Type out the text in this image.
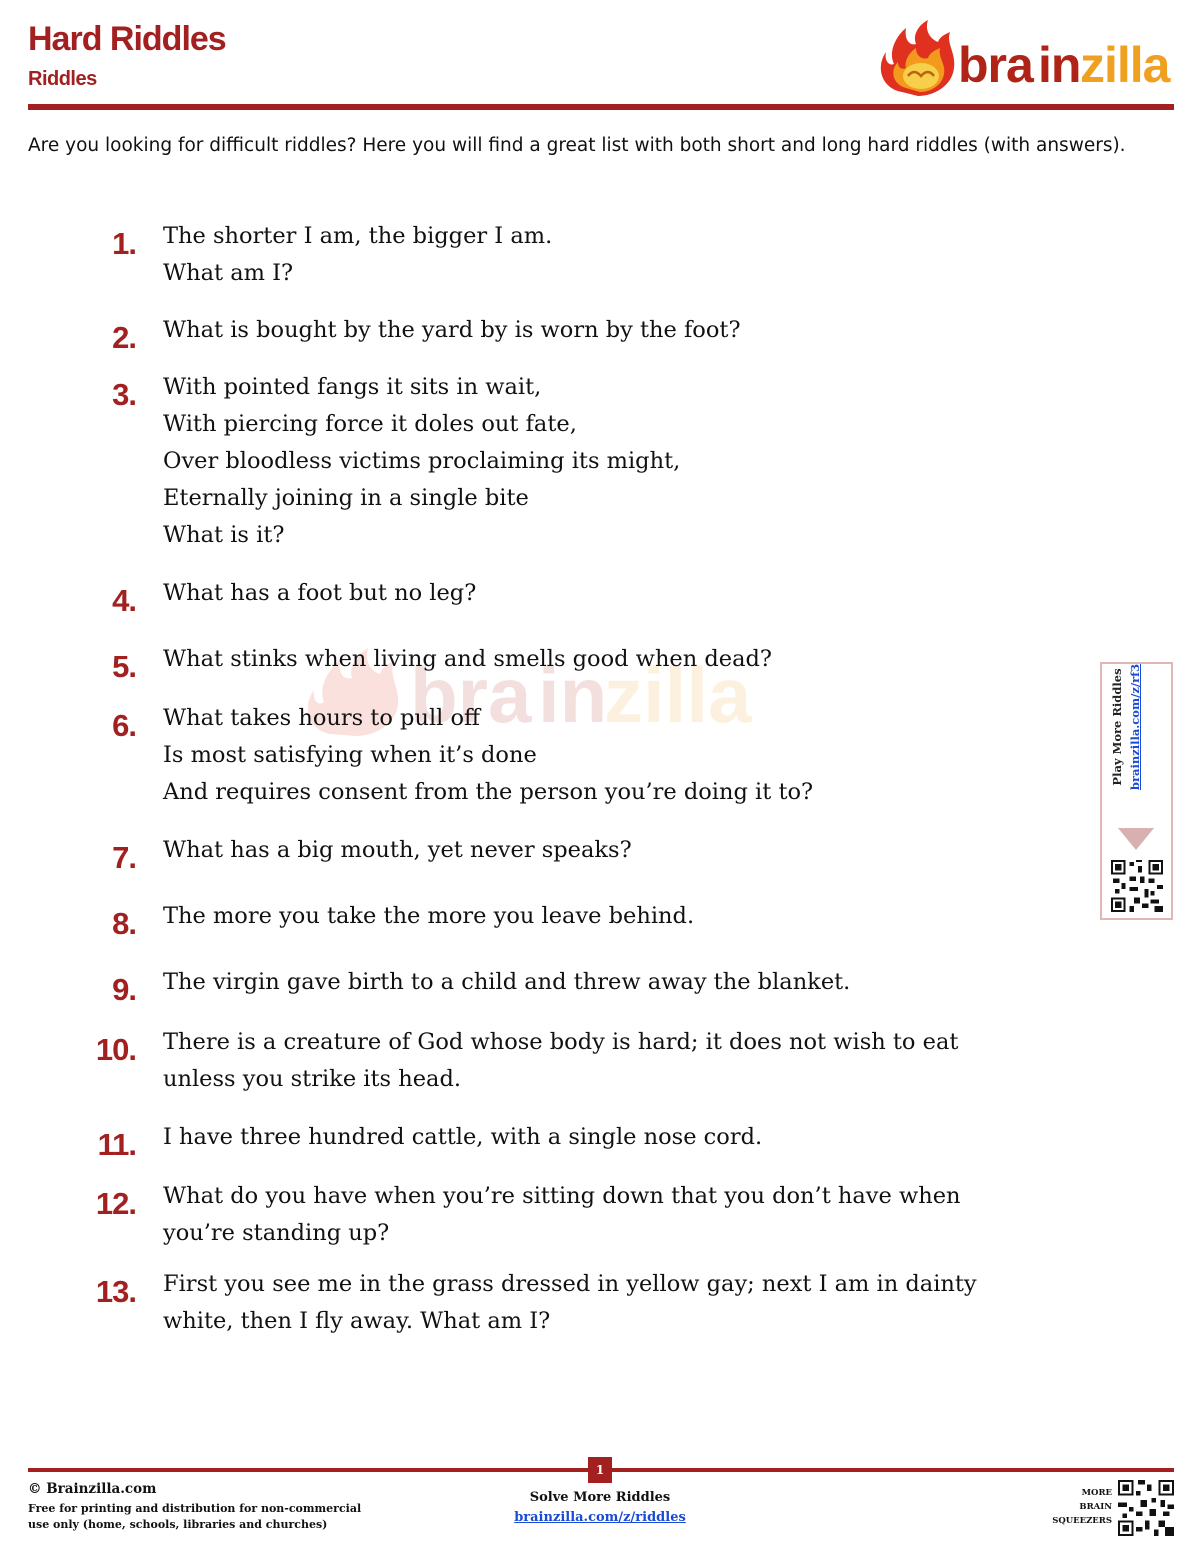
Hard Riddles
Riddles	bra in zilla
Are you looking for difficult riddles? Here you will find a great list with both short and long hard riddles (with answers).
bra in
zilla
1. The shorter I am, the bigger I am.
What am I?
2. What is bought by the yard by is worn by the foot?
3. With pointed fangs it sits in wait,
With piercing force it doles out fate,
Over bloodless victims proclaiming its might,
Eternally joining in a single bite
What is it?
4. What has a foot but no leg?
5. What stinks when living and smells good when dead?
6. What takes hours to pull off
Is most satisfying when it’s done
And requires consent from the person you’re doing it to?
7. What has a big mouth, yet never speaks?
8. The more you take the more you leave behind.
9. The virgin gave birth to a child and threw away the blanket.
10. There is a creature of God whose body is hard; it does not wish to eat
unless you strike its head.
11. I have three hundred cattle, with a single nose cord.
12. What do you have when you’re sitting down that you don’t have when
you’re standing up?
13. First you see me in the grass dressed in yellow gay; next I am in dainty
white, then I fly away. What am I?
Play More Riddles brainzilla.com/z/rf3
1
© Brainzilla.com
Free for printing and distribution for non-commercial
use only (home, schools, libraries and churches)
Solve More Riddles
brainzilla.com/z/riddles
MORE
BRAIN
SQUEEZERS
